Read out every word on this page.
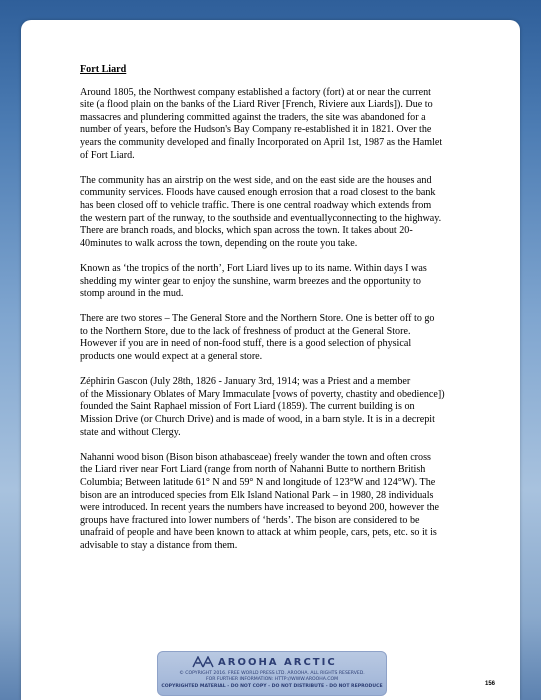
Fort Liard
Around 1805, the Northwest company established a factory (fort) at or near the current
site (a flood plain on the banks of the Liard River [French, Riviere aux Liards]). Due to
massacres and plundering committed against the traders, the site was abandoned for a
number of years, before the Hudson's Bay Company re-established it in 1821. Over the
years the community developed and finally Incorporated on April 1st, 1987 as the Hamlet
of Fort Liard.
The community has an airstrip on the west side, and on the east side are the houses and
community services. Floods have caused enough errosion that a road closest to the bank
has been closed off to vehicle traffic. There is one central roadway which extends from
the western part of the runway, to the southside and eventuallyconnecting to the highway.
There are branch roads, and blocks, which span across the town. It takes about 20-
40minutes to walk across the town, depending on the route you take.
Known as ‘the tropics of the north’, Fort Liard lives up to its name. Within days I was
shedding my winter gear to enjoy the sunshine, warm breezes and the opportunity to
stomp around in the mud.
There are two stores – The General Store and the Northern Store. One is better off to go
to the Northern Store, due to the lack of freshness of product at the General Store.
However if you are in need of non-food stuff, there is a good selection of physical
products one would expect at a general store.
Zéphirin Gascon (July 28th, 1826 - January 3rd, 1914; was a Priest and a member
of the Missionary Oblates of Mary Immaculate [vows of poverty, chastity and obedience])
founded the Saint Raphael mission of Fort Liard (1859). The current building is on
Mission Drive (or Church Drive) and is made of wood, in a barn style. It is in a decrepit
state and without Clergy.
Nahanni wood bison (Bison bison athabasceae) freely wander the town and often cross
the Liard river near Fort Liard (range from north of Nahanni Butte to northern British
Columbia; Between latitude 61° N and 59° N and longitude of 123°W and 124°W). The
bison are an introduced species from Elk Island National Park – in 1980, 28 individuals
were introduced. In recent years the numbers have increased to beyond 200, however the
groups have fractured into lower numbers of ‘herds’. The bison are considered to be
unafraid of people and have been known to attack at whim people, cars, pets, etc. so it is
advisable to stay a distance from them.
156
AROOHA ARCTIC
© COPYRIGHT 2016. FREE WORLD PRESS LTD. AROOHA. ALL RIGHTS RESERVED.
FOR FURTHER INFORMATION: HTTP://WWW.AROOHA.COM
COPYRIGHTED MATERIAL - DO NOT COPY - DO NOT DISTRIBUTE - DO NOT REPRODUCE
